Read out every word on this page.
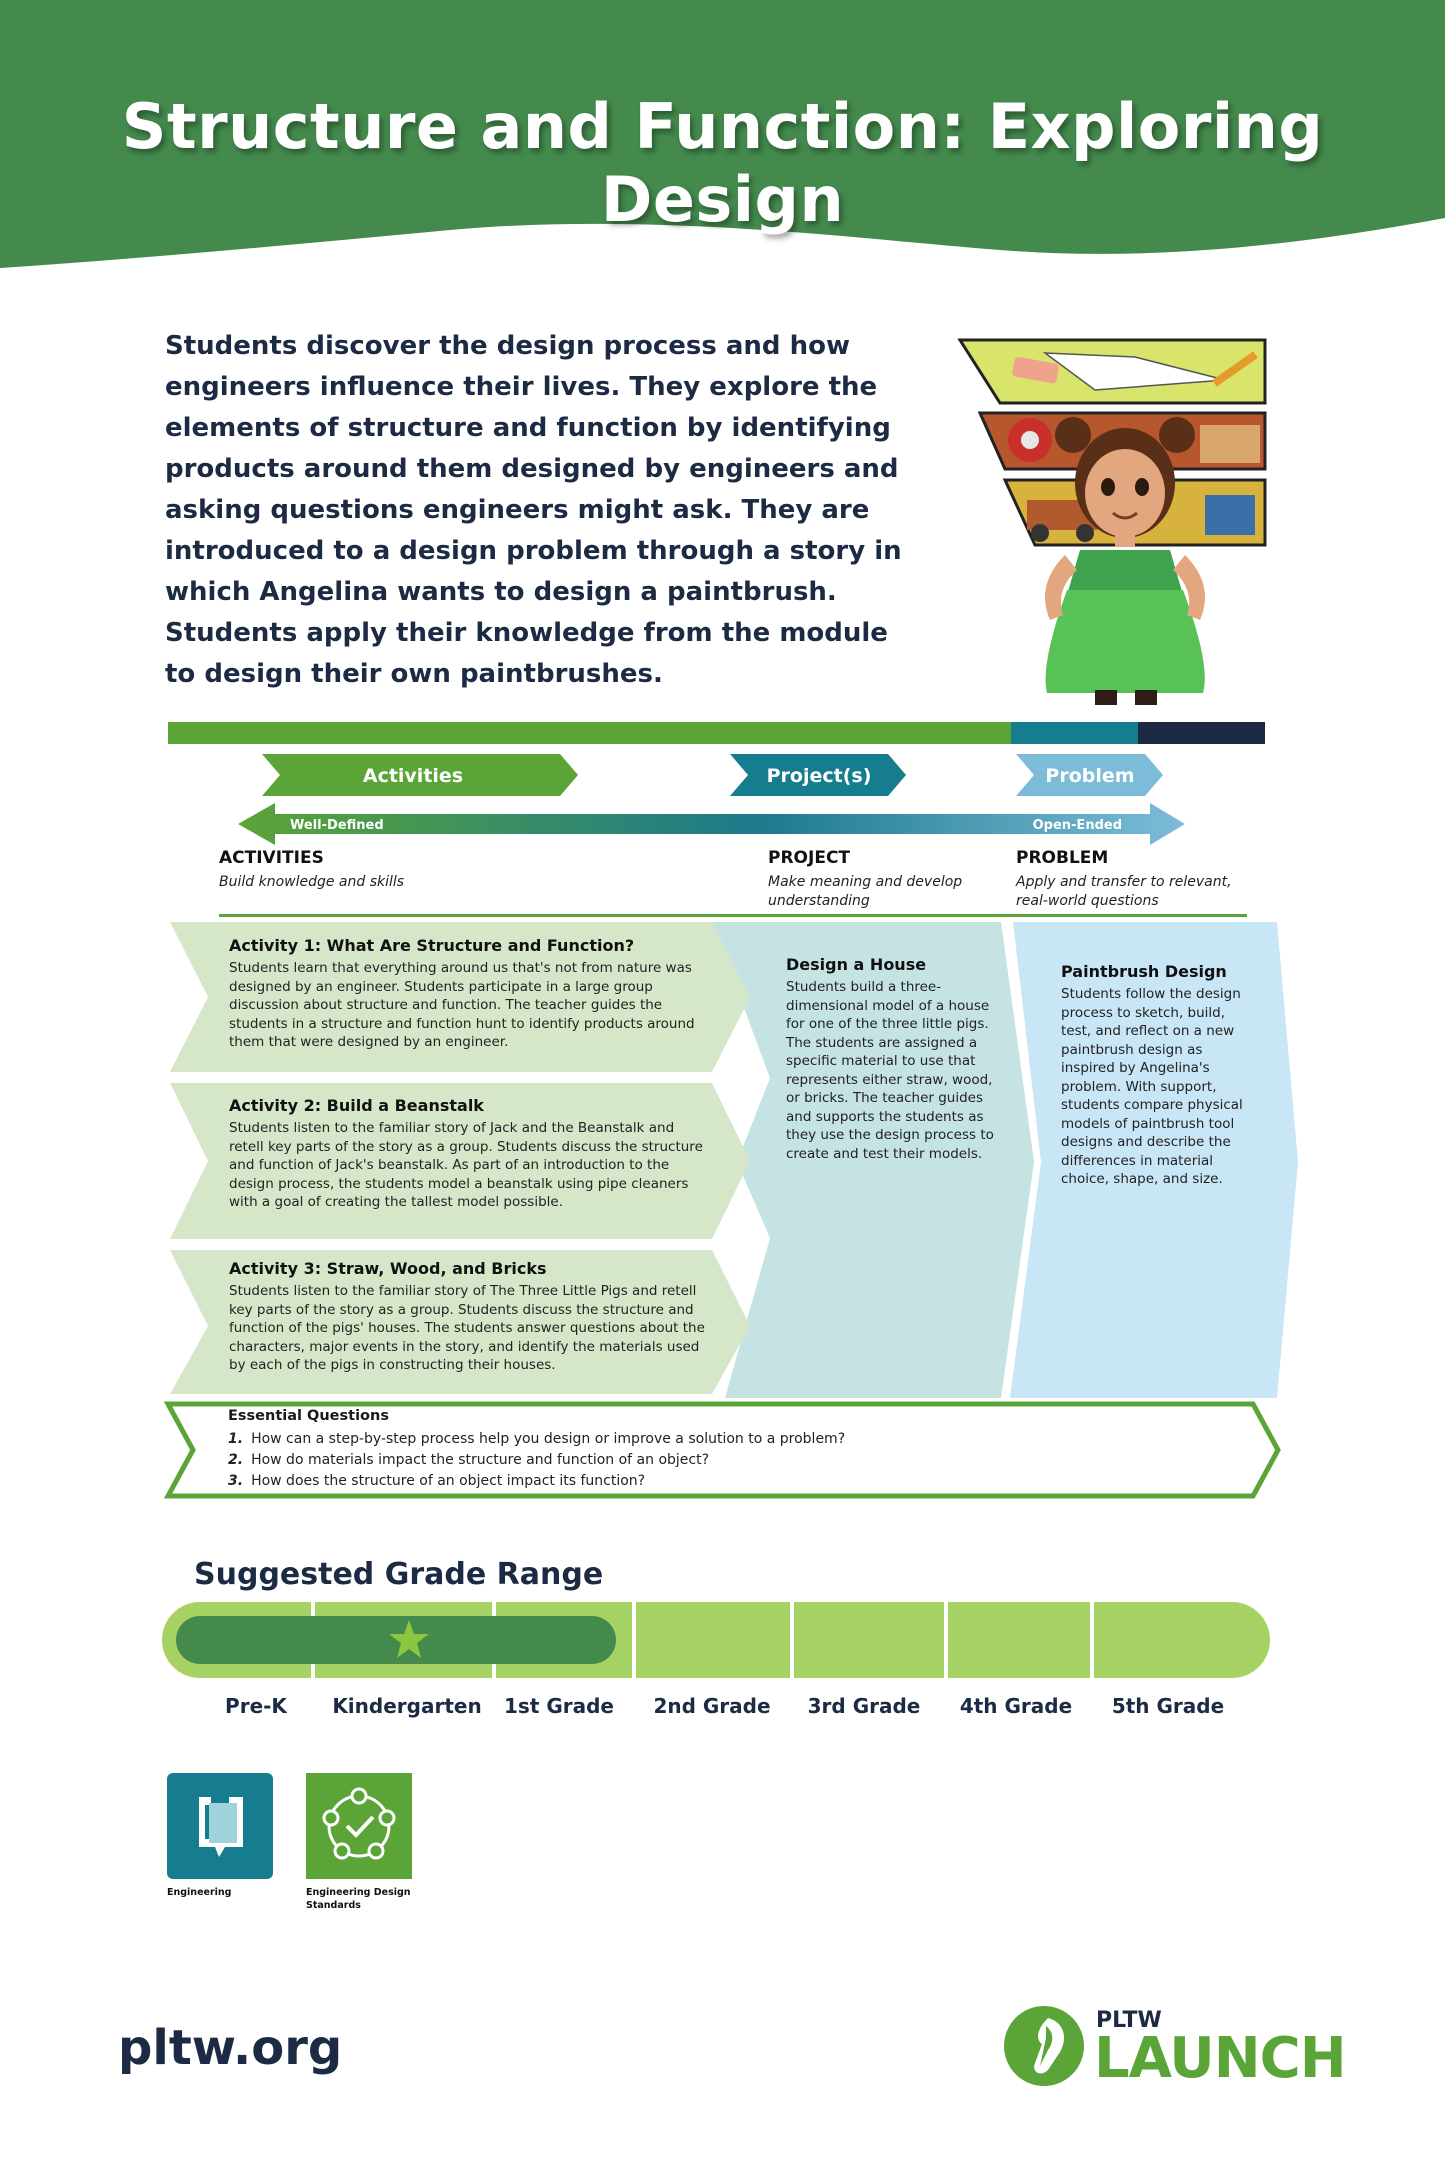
Structure and Function: Exploring Design
Students discover the design process and how engineers influence their lives. They explore the elements of structure and function by identifying products around them designed by engineers and asking questions engineers might ask. They are introduced to a design problem through a story in which Angelina wants to design a paintbrush. Students apply their knowledge from the module to design their own paintbrushes.
Activities	Project(s)	Problem
Well-Defined	Open-Ended
ACTIVITIES
Build knowledge and skills
PROJECT
Make meaning and develop understanding
PROBLEM
Apply and transfer to relevant, real-world questions
Activity 1: What Are Structure and Function?
Students learn that everything around us that's not from nature was designed by an engineer. Students participate in a large group discussion about structure and function. The teacher guides the students in a structure and function hunt to identify products around them that were designed by an engineer.
Activity 2: Build a Beanstalk
Students listen to the familiar story of Jack and the Beanstalk and retell key parts of the story as a group. Students discuss the structure and function of Jack's beanstalk. As part of an introduction to the design process, the students model a beanstalk using pipe cleaners with a goal of creating the tallest model possible.
Activity 3: Straw, Wood, and Bricks
Students listen to the familiar story of The Three Little Pigs and retell key parts of the story as a group. Students discuss the structure and function of the pigs' houses. The students answer questions about the characters, major events in the story, and identify the materials used by each of the pigs in constructing their houses.
Design a House
Students build a three-dimensional model of a house for one of the three little pigs. The students are assigned a specific material to use that represents either straw, wood, or bricks. The teacher guides and supports the students as they use the design process to create and test their models.
Paintbrush Design
Students follow the design process to sketch, build, test, and reflect on a new paintbrush design as inspired by Angelina's problem. With support, students compare physical models of paintbrush tool designs and describe the differences in material choice, shape, and size.
Essential Questions
1. How can a step-by-step process help you design or improve a solution to a problem?
2. How do materials impact the structure and function of an object?
3. How does the structure of an object impact its function?
Suggested Grade Range
Pre-K	Kindergarten	1st Grade	2nd Grade	3rd Grade	4th Grade	5th Grade
Engineering	Engineering Design Standards
pltw.org	PLTW
LAUNCH
